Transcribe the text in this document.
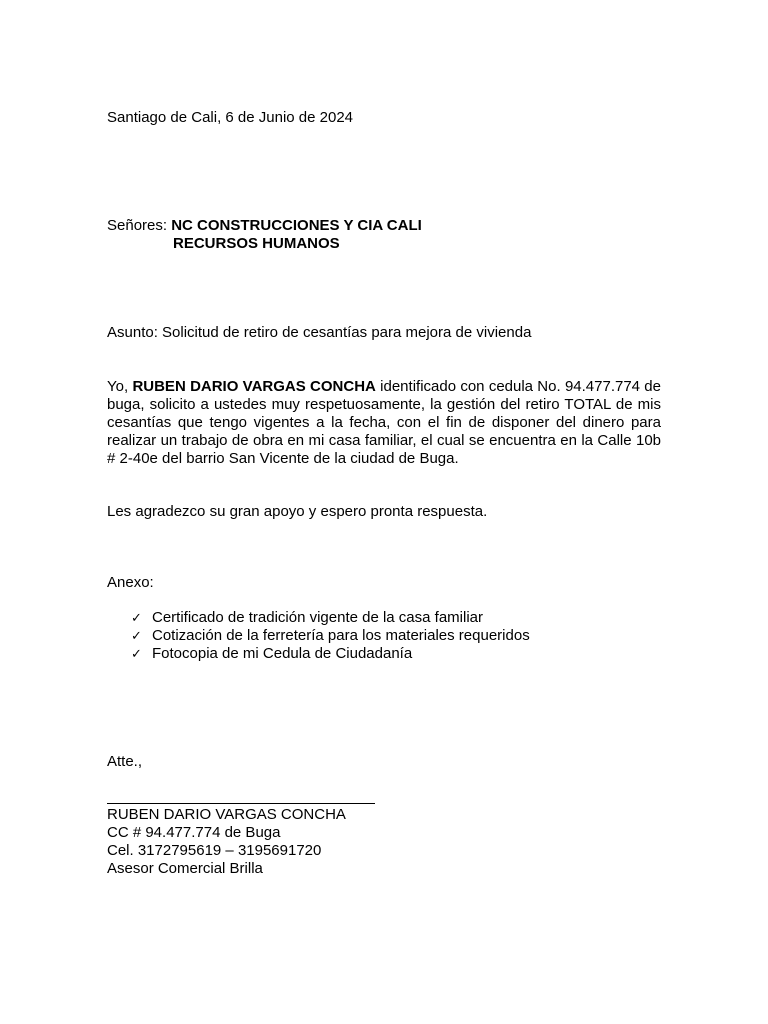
Santiago de Cali, 6 de Junio de 2024
Señores: NC CONSTRUCCIONES Y CIA CALI
RECURSOS HUMANOS
Asunto: Solicitud de retiro de cesantías para mejora de vivienda
Yo, RUBEN DARIO VARGAS CONCHA identificado con cedula No. 94.477.774 de buga, solicito a ustedes muy respetuosamente, la gestión del retiro TOTAL de mis cesantías que tengo vigentes a la fecha, con el fin de disponer del dinero para realizar un trabajo de obra en mi casa familiar, el cual se encuentra en la Calle 10b # 2-40e del barrio San Vicente de la ciudad de Buga.
Les agradezco su gran apoyo y espero pronta respuesta.
Anexo:
✓ Certificado de tradición vigente de la casa familiar
✓ Cotización de la ferretería para los materiales requeridos
✓ Fotocopia de mi Cedula de Ciudadanía
Atte.,
RUBEN DARIO VARGAS CONCHA
CC # 94.477.774 de Buga
Cel. 3172795619 – 3195691720
Asesor Comercial Brilla
